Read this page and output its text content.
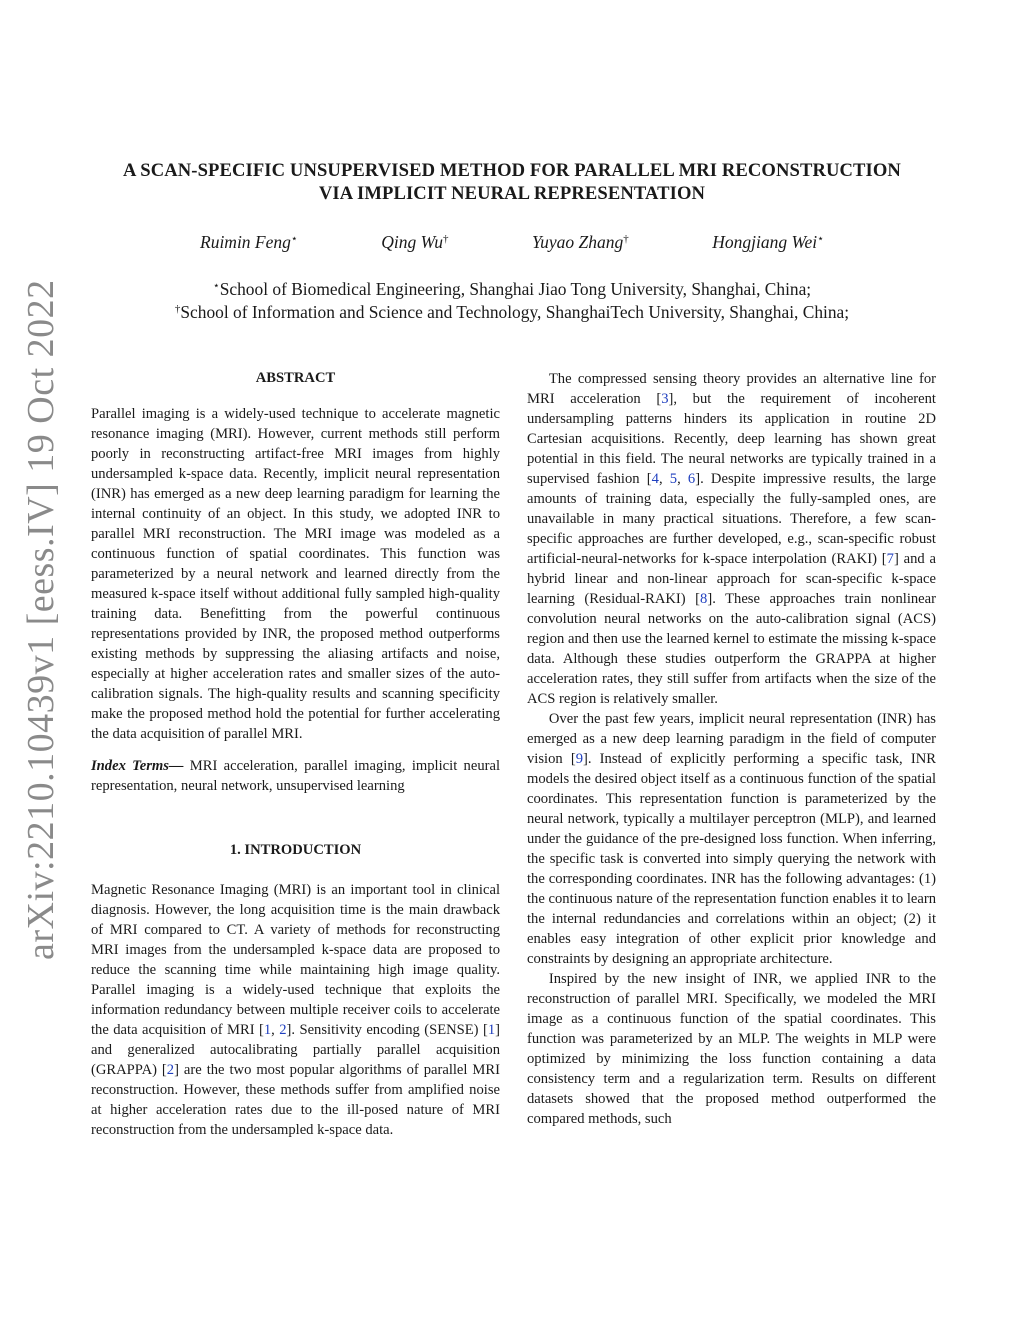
arXiv:2210.10439v1 [eess.IV] 19 Oct 2022
A SCAN-SPECIFIC UNSUPERVISED METHOD FOR PARALLEL MRI RECONSTRUCTION
VIA IMPLICIT NEURAL REPRESENTATION
Ruimin Feng⋆	Qing Wu†	Yuyao Zhang†	Hongjiang Wei⋆
⋆School of Biomedical Engineering, Shanghai Jiao Tong University, Shanghai, China;
†School of Information and Science and Technology, ShanghaiTech University, Shanghai, China;
ABSTRACT

Parallel imaging is a widely-used technique to accelerate magnetic resonance imaging (MRI). However, current methods still perform poorly in reconstructing artifact-free MRI images from highly undersampled k-space data. Recently, implicit neural representation (INR) has emerged as a new deep learning paradigm for learning the internal continuity of an object. In this study, we adopted INR to parallel MRI reconstruction. The MRI image was modeled as a continuous function of spatial coordinates. This function was parameterized by a neural network and learned directly from the measured k-space itself without additional fully sampled high-quality training data. Benefitting from the powerful continuous representations provided by INR, the proposed method outperforms existing methods by suppressing the aliasing artifacts and noise, especially at higher acceleration rates and smaller sizes of the auto-calibration signals. The high-quality results and scanning specificity make the proposed method hold the potential for further accelerating the data acquisition of parallel MRI.

Index Terms— MRI acceleration, parallel imaging, implicit neural representation, neural network, unsupervised learning

1. INTRODUCTION

Magnetic Resonance Imaging (MRI) is an important tool in clinical diagnosis. However, the long acquisition time is the main drawback of MRI compared to CT. A variety of methods for reconstructing MRI images from the undersampled k-space data are proposed to reduce the scanning time while maintaining high image quality. Parallel imaging is a widely-used technique that exploits the information redundancy between multiple receiver coils to accelerate the data acquisition of MRI [1, 2]. Sensitivity encoding (SENSE) [1] and generalized autocalibrating partially parallel acquisition (GRAPPA) [2] are the two most popular algorithms of parallel MRI reconstruction. However, these methods suffer from amplified noise at higher acceleration rates due to the ill-posed nature of MRI reconstruction from the undersampled k-space data.

The compressed sensing theory provides an alternative line for MRI acceleration [3], but the requirement of incoherent undersampling patterns hinders its application in routine 2D Cartesian acquisitions. Recently, deep learning has shown great potential in this field. The neural networks are typically trained in a supervised fashion [4, 5, 6]. Despite impressive results, the large amounts of training data, especially the fully-sampled ones, are unavailable in many practical situations. Therefore, a few scan-specific approaches are further developed, e.g., scan-specific robust artificial-neural-networks for k-space interpolation (RAKI) [7] and a hybrid linear and non-linear approach for scan-specific k-space learning (Residual-RAKI) [8]. These approaches train nonlinear convolution neural networks on the auto-calibration signal (ACS) region and then use the learned kernel to estimate the missing k-space data. Although these studies outperform the GRAPPA at higher acceleration rates, they still suffer from artifacts when the size of the ACS region is relatively smaller.

Over the past few years, implicit neural representation (INR) has emerged as a new deep learning paradigm in the field of computer vision [9]. Instead of explicitly performing a specific task, INR models the desired object itself as a continuous function of the spatial coordinates. This representation function is parameterized by the neural network, typically a multilayer perceptron (MLP), and learned under the guidance of the pre-designed loss function. When inferring, the specific task is converted into simply querying the network with the corresponding coordinates. INR has the following advantages: (1) the continuous nature of the representation function enables it to learn the internal redundancies and correlations within an object; (2) it enables easy integration of other explicit prior knowledge and constraints by designing an appropriate architecture.

Inspired by the new insight of INR, we applied INR to the reconstruction of parallel MRI. Specifically, we modeled the MRI image as a continuous function of the spatial coordinates. This function was parameterized by an MLP. The weights in MLP were optimized by minimizing the loss function containing a data consistency term and a regularization term. Results on different datasets showed that the proposed method outperformed the compared methods, such
